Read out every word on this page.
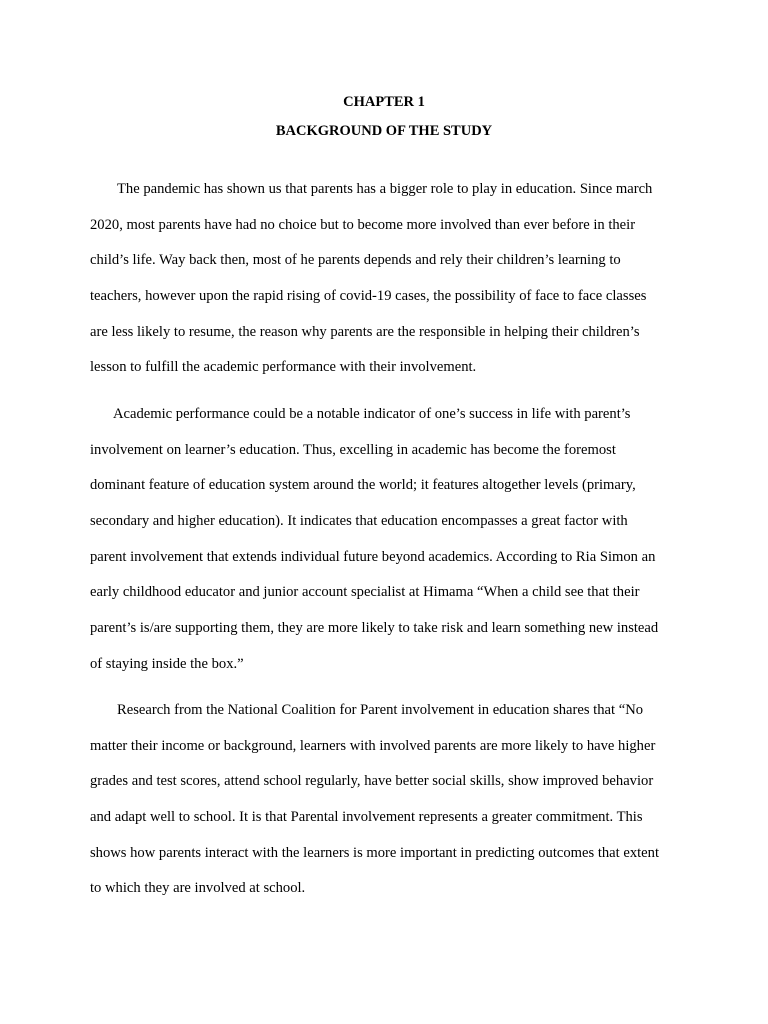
CHAPTER 1
BACKGROUND OF THE STUDY
The pandemic has shown us that parents has a bigger role to play in education. Since march
2020, most parents have had no choice but to become more involved than ever before in their
child’s life. Way back then, most of he parents depends and rely their children’s learning to
teachers, however upon the rapid rising of covid-19 cases, the possibility of face to face classes
are less likely to resume, the reason why parents are the responsible in helping their children’s
lesson to fulfill the academic performance with their involvement.
Academic performance could be a notable indicator of one’s success in life with parent’s
involvement on learner’s education. Thus, excelling in academic has become the foremost
dominant feature of education system around the world; it features altogether levels (primary,
secondary and higher education). It indicates that education encompasses a great factor with
parent involvement that extends individual future beyond academics. According to Ria Simon an
early childhood educator and junior account specialist at Himama “When a child see that their
parent’s is/are supporting them, they are more likely to take risk and learn something new instead
of staying inside the box.”
Research from the National Coalition for Parent involvement in education shares that “No
matter their income or background, learners with involved parents are more likely to have higher
grades and test scores, attend school regularly, have better social skills, show improved behavior
and adapt well to school. It is that Parental involvement represents a greater commitment. This
shows how parents interact with the learners is more important in predicting outcomes that extent
to which they are involved at school.
